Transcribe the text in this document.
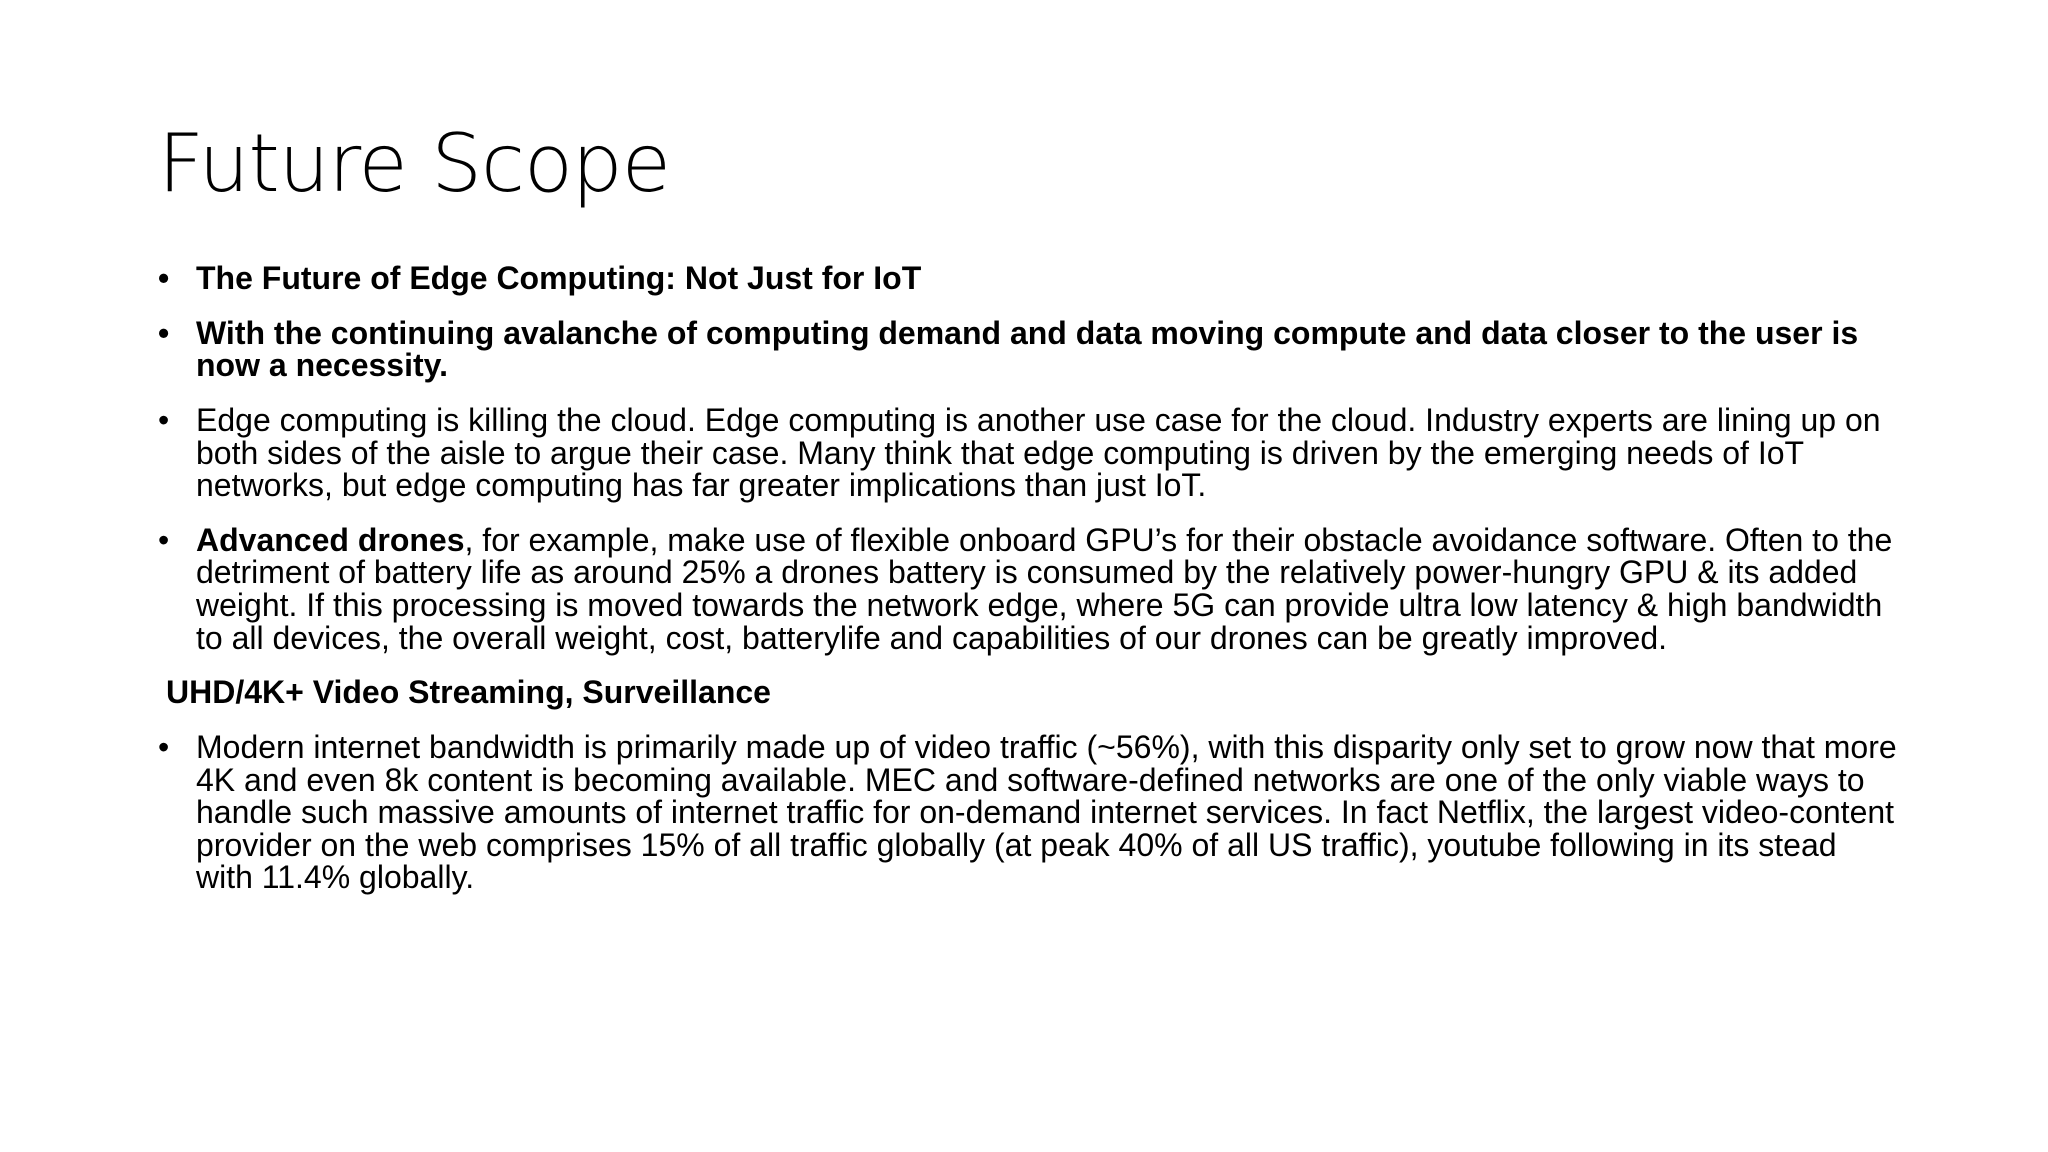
Future Scope
• The Future of Edge Computing: Not Just for IoT
• With the continuing avalanche of computing demand and data moving compute and data closer to the user is now a necessity.
• Edge computing is killing the cloud. Edge computing is another use case for the cloud. Industry experts are lining up on both sides of the aisle to argue their case. Many think that edge computing is driven by the emerging needs of IoT networks, but edge computing has far greater implications than just IoT.
• Advanced drones, for example, make use of flexible onboard GPU’s for their obstacle avoidance software. Often to the detriment of battery life as around 25% a drones battery is consumed by the relatively power-hungry GPU & its added weight. If this processing is moved towards the network edge, where 5G can provide ultra low latency & high bandwidth to all devices, the overall weight, cost, batterylife and capabilities of our drones can be greatly improved.
UHD/4K+ Video Streaming, Surveillance
• Modern internet bandwidth is primarily made up of video traffic (~56%), with this disparity only set to grow now that more 4K and even 8k content is becoming available. MEC and software-defined networks are one of the only viable ways to handle such massive amounts of internet traffic for on-demand internet services. In fact Netflix, the largest video-content provider on the web comprises 15% of all traffic globally (at peak 40% of all US traffic), youtube following in its stead with 11.4% globally.
